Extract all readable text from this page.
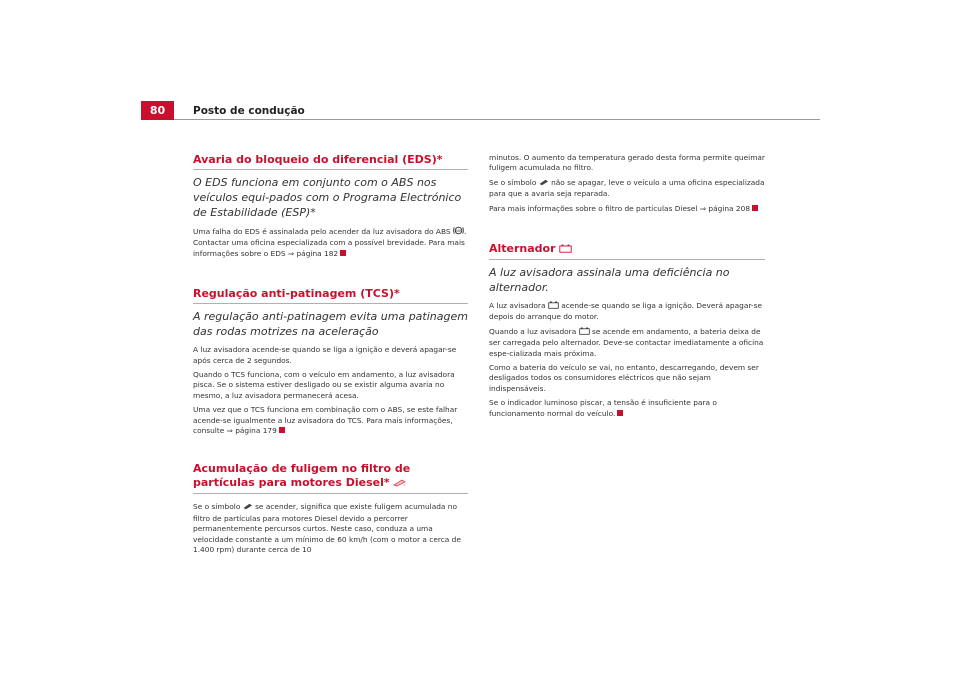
80	Posto de condução
Avaria do bloqueio do diferencial (EDS)*
O EDS funciona em conjunto com o ABS nos veículos equi-pados com o Programa Electrónico de Estabilidade (ESP)*

Uma falha do EDS é assinalada pelo acender da luz avisadora do ABS ABS . Contactar uma oficina especializada com a possível brevidade. Para mais informações sobre o EDS ⇒ página 182

Regulação anti-patinagem (TCS)*
A regulação anti-patinagem evita uma patinagem das rodas motrizes na aceleração

A luz avisadora acende-se quando se liga a ignição e deverá apagar-se após cerca de 2 segundos.

Quando o TCS funciona, com o veículo em andamento, a luz avisadora pisca. Se o sistema estiver desligado ou se existir alguma avaria no mesmo, a luz avisadora permanecerá acesa.

Uma vez que o TCS funciona em combinação com o ABS, se este falhar acende-se igualmente a luz avisadora do TCS. Para mais informações, consulte ⇒ página 179

Acumulação de fuligem no filtro de partículas para motores Diesel*

Se o símbolo se acender, significa que existe fuligem acumulada no filtro de partículas para motores Diesel devido a percorrer permanentemente percursos curtos. Neste caso, conduza a uma velocidade constante a um mínimo de 60 km/h (com o motor a cerca de 1.400 rpm) durante cerca de 10

minutos. O aumento da temperatura gerado desta forma permite queimar fuligem acumulada no filtro.

Se o símbolo não se apagar, leve o veículo a uma oficina especializada para que a avaria seja reparada.

Para mais informações sobre o filtro de partículas Diesel ⇒ página 208

Alternador
A luz avisadora assinala uma deficiência no alternador.

A luz avisadora acende-se quando se liga a ignição. Deverá apagar-se depois do arranque do motor.

Quando a luz avisadora se acende em andamento, a bateria deixa de ser carregada pelo alternador. Deve-se contactar imediatamente a oficina espe-cializada mais próxima.

Como a bateria do veículo se vai, no entanto, descarregando, devem ser desligados todos os consumidores eléctricos que não sejam indispensáveis.

Se o indicador luminoso piscar, a tensão é insuficiente para o funcionamento normal do veículo.
